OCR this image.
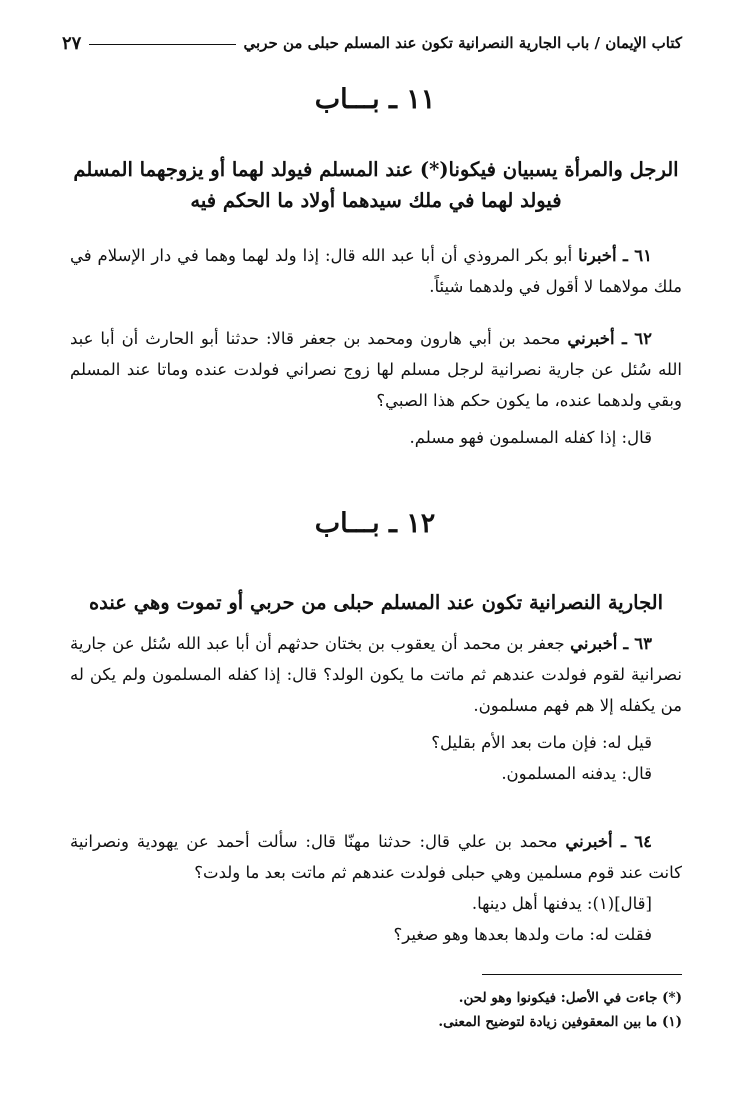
كتاب الإيمان / باب الجارية النصرانية تكون عند المسلم حبلى من حربي
٢٧
١١ ـ بـــاب
الرجل والمرأة يسبيان فيكونا(*) عند المسلم فيولد لهما أو يزوجهما المسلم فيولد لهما في ملك سيدهما أولاد ما الحكم فيه

٦١ ـ أخبرنا أبو بكر المروذي أن أبا عبد الله قال: إذا ولد لهما وهما في دار الإسلام في ملك مولاهما لا أقول في ولدهما شيئاً.

٦٢ ـ أخبرني محمد بن أبي هارون ومحمد بن جعفر قالا: حدثنا أبو الحارث أن أبا عبد الله سُئل عن جارية نصرانية لرجل مسلم لها زوج نصراني فولدت عنده وماتا عند المسلم وبقي ولدهما عنده، ما يكون حكم هذا الصبي؟

قال: إذا كفله المسلمون فهو مسلم.

١٢ ـ بـــاب
الجارية النصرانية تكون عند المسلم حبلى من حربي أو تموت وهي عنده

٦٣ ـ أخبرني جعفر بن محمد أن يعقوب بن بختان حدثهم أن أبا عبد الله سُئل عن جارية نصرانية لقوم فولدت عندهم ثم ماتت ما يكون الولد؟ قال: إذا كفله المسلمون ولم يكن له من يكفله إلا هم فهم مسلمون.

قيل له: فإن مات بعد الأم بقليل؟

قال: يدفنه المسلمون.

٦٤ ـ أخبرني محمد بن علي قال: حدثنا مهنّا قال: سألت أحمد عن يهودية ونصرانية كانت عند قوم مسلمين وهي حبلى فولدت عندهم ثم ماتت بعد ما ولدت؟

[قال](١): يدفنها أهل دينها.

فقلت له: مات ولدها بعدها وهو صغير؟

(*) جاءت في الأصل: فيكونوا وهو لحن.

(١) ما بين المعقوفين زيادة لتوضيح المعنى.
